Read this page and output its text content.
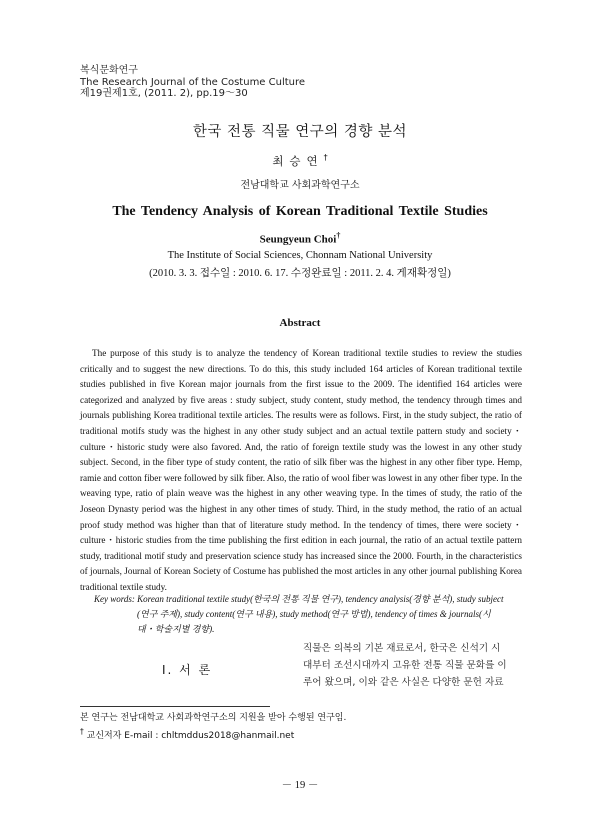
복식문화연구
The Research Journal of the Costume Culture
제19권제1호, (2011. 2), pp.19～30
한국 전통 직물 연구의 경향 분석
최승연†
전남대학교 사회과학연구소
The Tendency Analysis of Korean Traditional Textile Studies
Seungyeun Choi†
The Institute of Social Sciences, Chonnam National University
(2010. 3. 3. 접수일 : 2010. 6. 17. 수정완료일 : 2011. 2. 4. 게재확정일)
Abstract
The purpose of this study is to analyze the tendency of Korean traditional textile studies to review the studies critically and to suggest the new directions. To do this, this study included 164 articles of Korean traditional textile studies published in five Korean major journals from the first issue to the 2009. The identified 164 articles were categorized and analyzed by five areas : study subject, study content, study method, the tendency through times and journals publishing Korea traditional textile articles. The results were as follows. First, in the study subject, the ratio of traditional motifs study was the highest in any other study subject and an actual textile pattern study and society・culture・historic study were also favored. And, the ratio of foreign textile study was the lowest in any other study subject. Second, in the fiber type of study content, the ratio of silk fiber was the highest in any other fiber type. Hemp, ramie and cotton fiber were followed by silk fiber. Also, the ratio of wool fiber was lowest in any other fiber type. In the weaving type, ratio of plain weave was the highest in any other weaving type. In the times of study, the ratio of the Joseon Dynasty period was the highest in any other times of study. Third, in the study method, the ratio of an actual proof study method was higher than that of literature study method. In the tendency of times, there were society・culture・historic studies from the time publishing the first edition in each journal, the ratio of an actual textile pattern study, traditional motif study and preservation science study has increased since the 2000. Fourth, in the characteristics of journals, Journal of Korean Society of Costume has published the most articles in any other journal publishing Korea traditional textile study.
Key words: Korean traditional textile study(한국의 전통 직물 연구), tendency analysis(경향 분석), study subject
(연구 주제), study content(연구 내용), study method(연구 방법), tendency of times & journals(시
대・학술지별 경향).
Ⅰ. 서 론
직물은 의복의 기본 재료로서, 한국은 신석기 시
대부터 조선시대까지 고유한 전통 직물 문화를 이
루어 왔으며, 이와 같은 사실은 다양한 문헌 자료
본 연구는 전남대학교 사회과학연구소의 지원을 받아 수행된 연구임.
† 교신저자 E-mail : chltmddus2018@hanmail.net
－ 19 －
